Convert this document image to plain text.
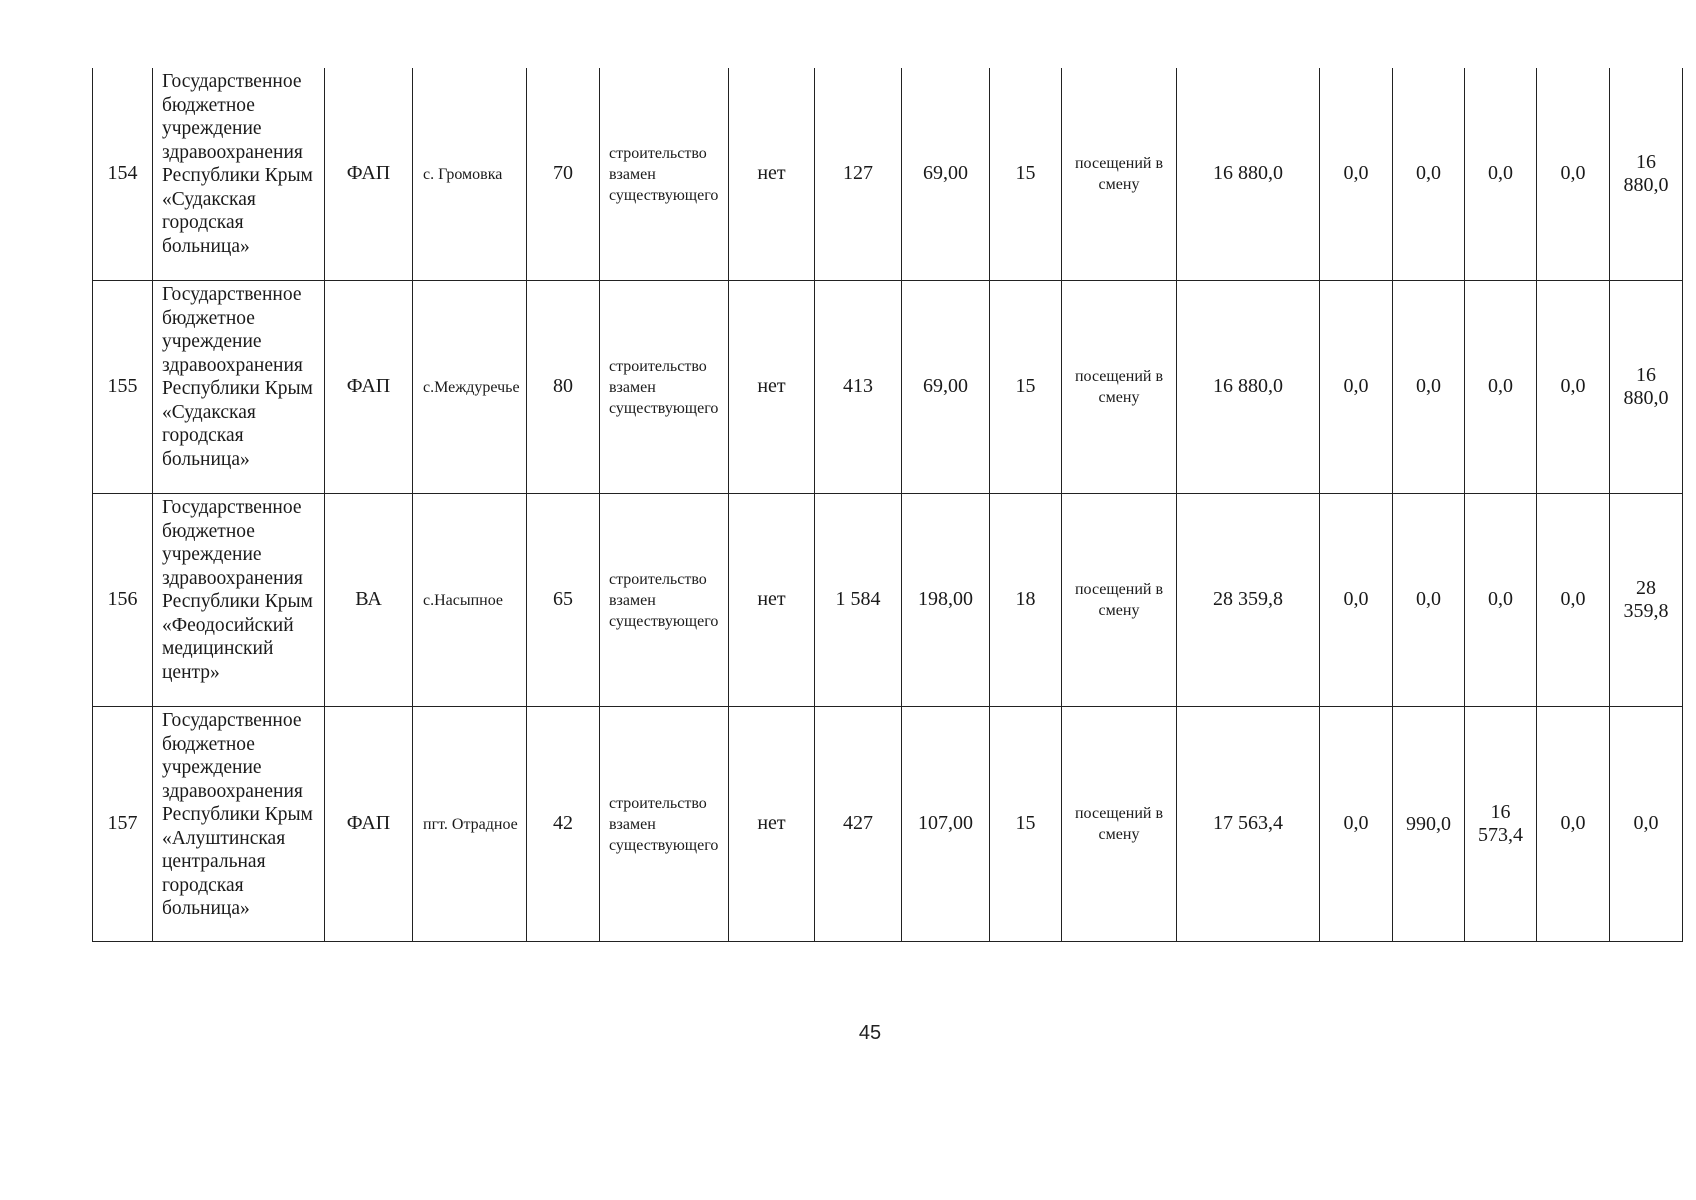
154	Государственное бюджетное учреждение здравоохранения Республики Крым «Судакская городская больница»	ФАП	с. Громовка	70	строительство взамен существующего	нет	127	69,00	15	посещений в смену	16 880,0	0,0	0,0	0,0	0,0	16 880,0
155	Государственное бюджетное учреждение здравоохранения Республики Крым «Судакская городская больница»	ФАП	с.Междуречье	80	строительство взамен существующего	нет	413	69,00	15	посещений в смену	16 880,0	0,0	0,0	0,0	0,0	16 880,0
156	Государственное бюджетное учреждение здравоохранения Республики Крым «Феодосийский медицинский центр»	ВА	с.Насыпное	65	строительство взамен существующего	нет	1 584	198,00	18	посещений в смену	28 359,8	0,0	0,0	0,0	0,0	28 359,8
157	Государственное бюджетное учреждение здравоохранения Республики Крым «Алуштинская центральная городская больница»	ФАП	пгт. Отрадное	42	строительство взамен существующего	нет	427	107,00	15	посещений в смену	17 563,4	0,0	990,0	16 573,4	0,0	0,0
45
